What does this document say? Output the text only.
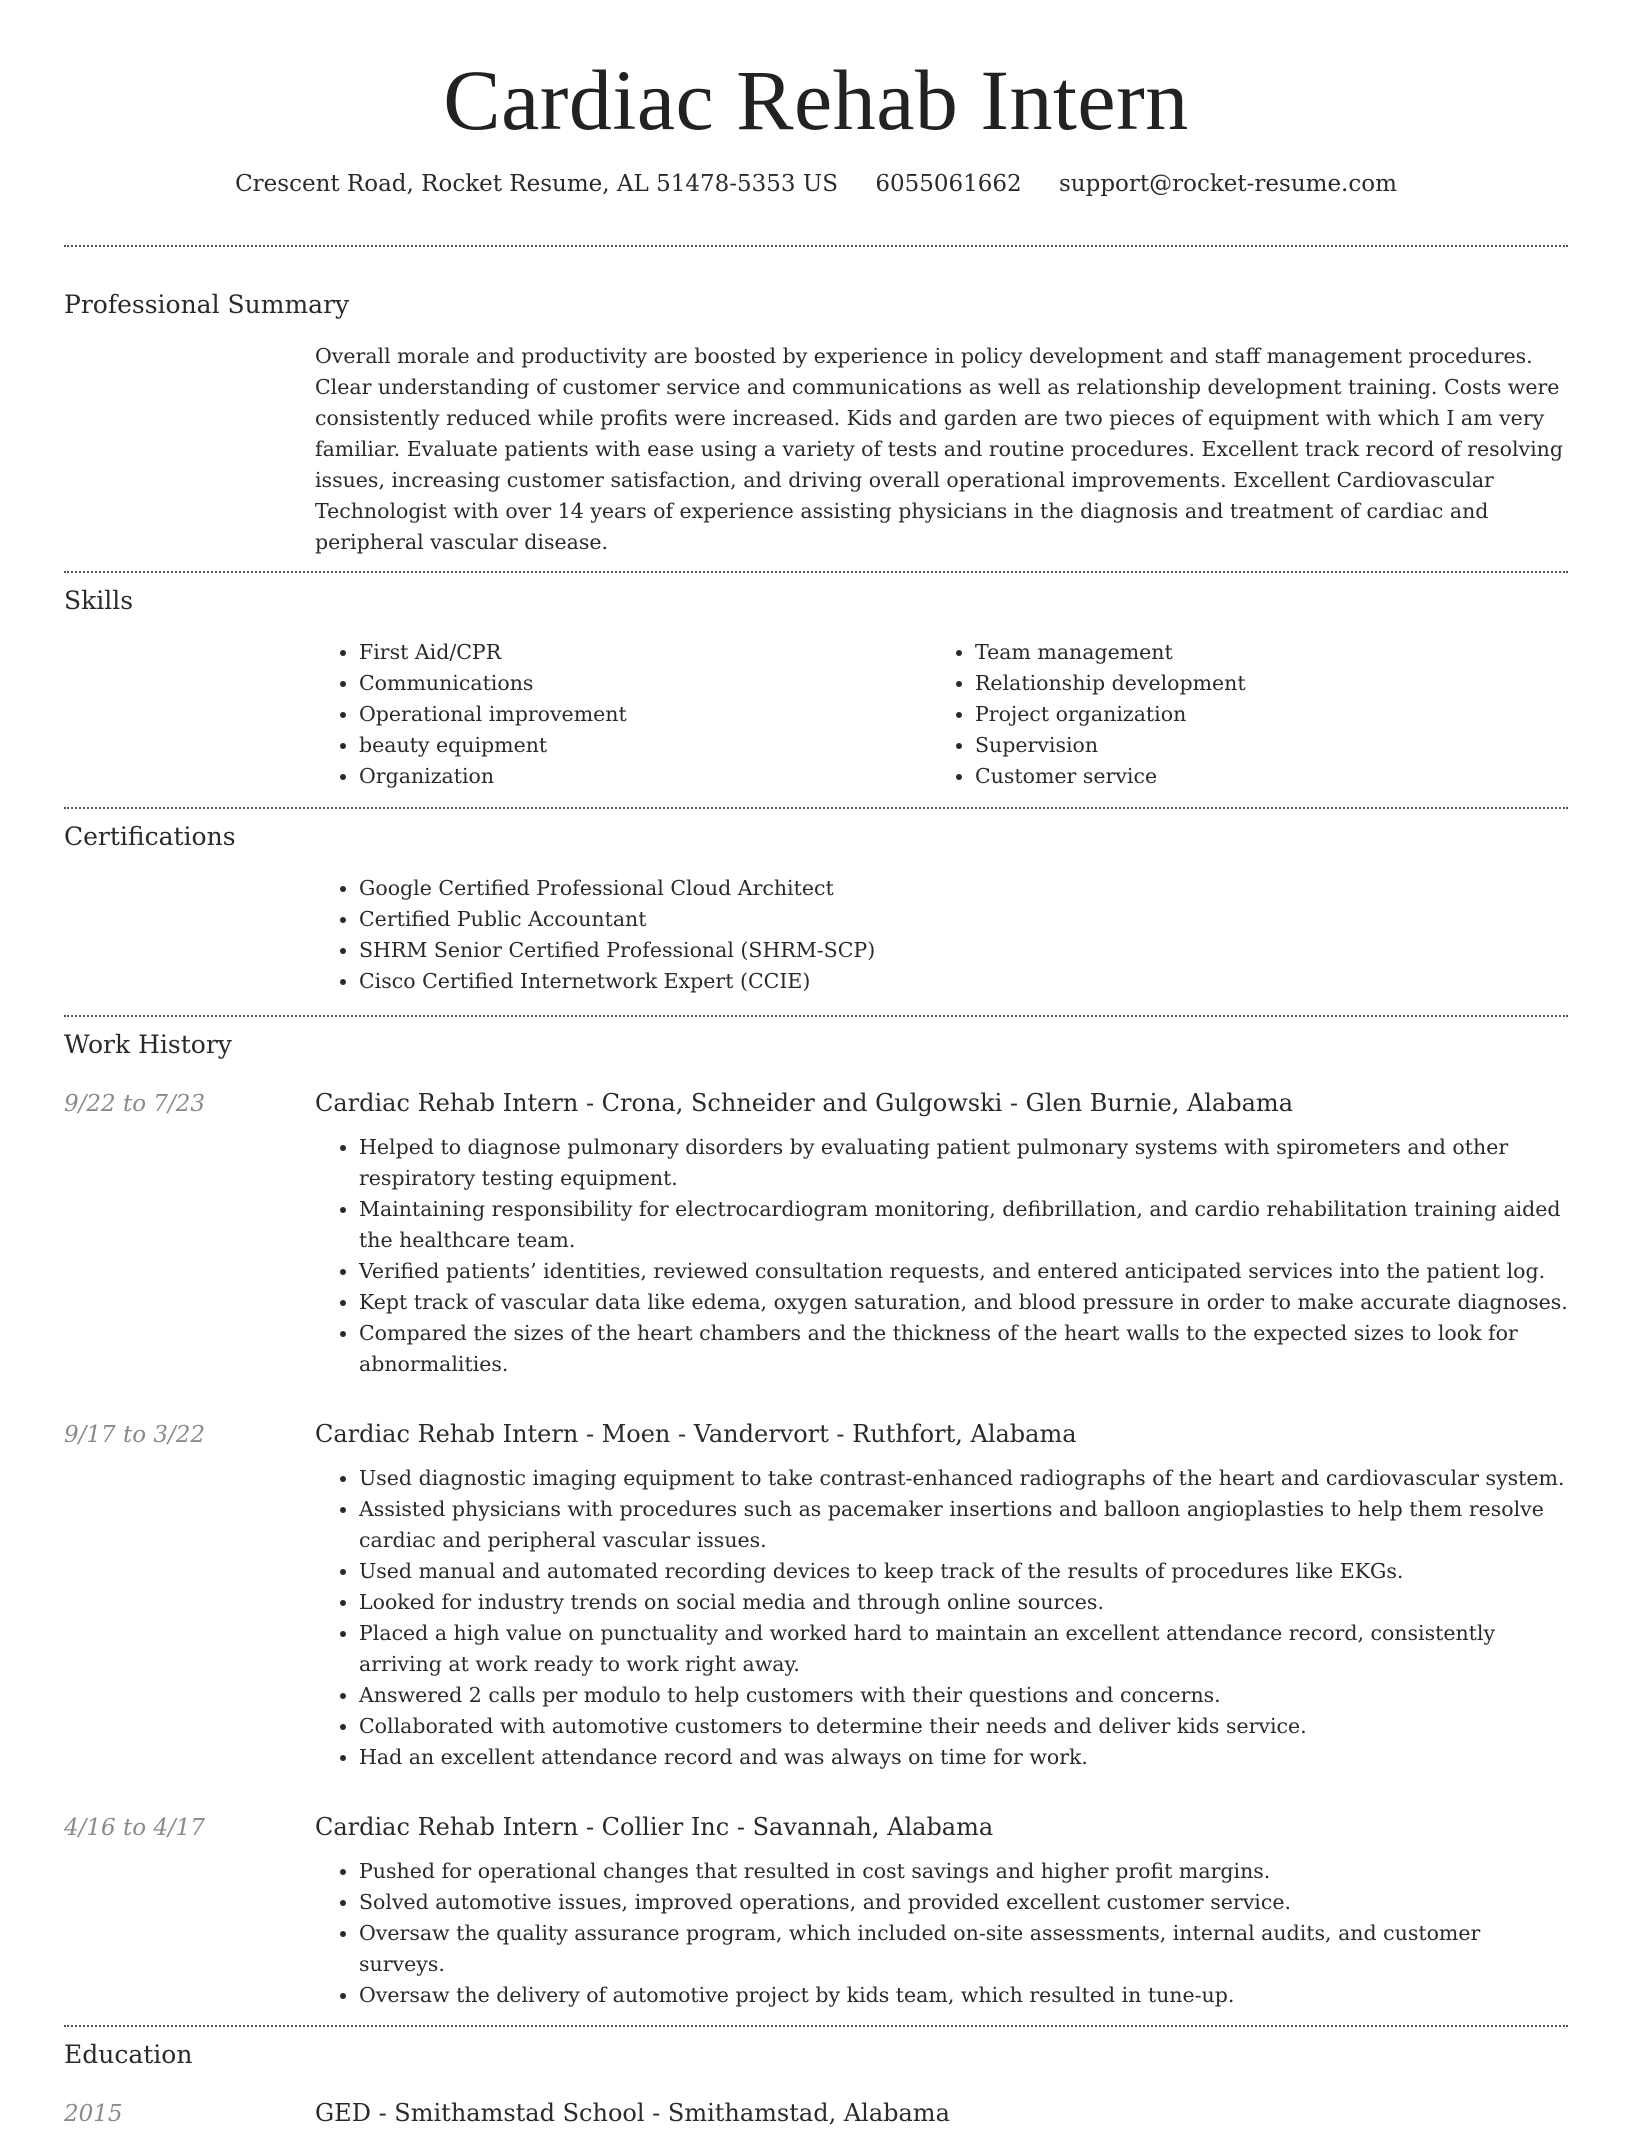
Cardiac Rehab Intern
Crescent Road, Rocket Resume, AL 51478-5353 US 6055061662 support@rocket-resume.com
Professional Summary
Overall morale and productivity are boosted by experience in policy development and staff management procedures. Clear understanding of customer service and communications as well as relationship development training. Costs were consistently reduced while profits were increased. Kids and garden are two pieces of equipment with which I am very familiar. Evaluate patients with ease using a variety of tests and routine procedures. Excellent track record of resolving issues, increasing customer satisfaction, and driving overall operational improvements. Excellent Cardiovascular Technologist with over 14 years of experience assisting physicians in the diagnosis and treatment of cardiac and peripheral vascular disease.
Skills
• First Aid/CPR
• Communications
• Operational improvement
• beauty equipment
• Organization
• Team management
• Relationship development
• Project organization
• Supervision
• Customer service
Certifications
• Google Certified Professional Cloud Architect
• Certified Public Accountant
• SHRM Senior Certified Professional (SHRM-SCP)
• Cisco Certified Internetwork Expert (CCIE)
Work History
9/22 to 7/23	Cardiac Rehab Intern - Crona, Schneider and Gulgowski - Glen Burnie, Alabama
• Helped to diagnose pulmonary disorders by evaluating patient pulmonary systems with spirometers and other respiratory testing equipment.
• Maintaining responsibility for electrocardiogram monitoring, defibrillation, and cardio rehabilitation training aided the healthcare team.
• Verified patients’ identities, reviewed consultation requests, and entered anticipated services into the patient log.
• Kept track of vascular data like edema, oxygen saturation, and blood pressure in order to make accurate diagnoses.
• Compared the sizes of the heart chambers and the thickness of the heart walls to the expected sizes to look for abnormalities.
9/17 to 3/22	Cardiac Rehab Intern - Moen - Vandervort - Ruthfort, Alabama
• Used diagnostic imaging equipment to take contrast-enhanced radiographs of the heart and cardiovascular system.
• Assisted physicians with procedures such as pacemaker insertions and balloon angioplasties to help them resolve cardiac and peripheral vascular issues.
• Used manual and automated recording devices to keep track of the results of procedures like EKGs.
• Looked for industry trends on social media and through online sources.
• Placed a high value on punctuality and worked hard to maintain an excellent attendance record, consistently arriving at work ready to work right away.
• Answered 2 calls per modulo to help customers with their questions and concerns.
• Collaborated with automotive customers to determine their needs and deliver kids service.
• Had an excellent attendance record and was always on time for work.
4/16 to 4/17	Cardiac Rehab Intern - Collier Inc - Savannah, Alabama
• Pushed for operational changes that resulted in cost savings and higher profit margins.
• Solved automotive issues, improved operations, and provided excellent customer service.
• Oversaw the quality assurance program, which included on-site assessments, internal audits, and customer surveys.
• Oversaw the delivery of automotive project by kids team, which resulted in tune-up.
Education
2015	GED - Smithamstad School - Smithamstad, Alabama
